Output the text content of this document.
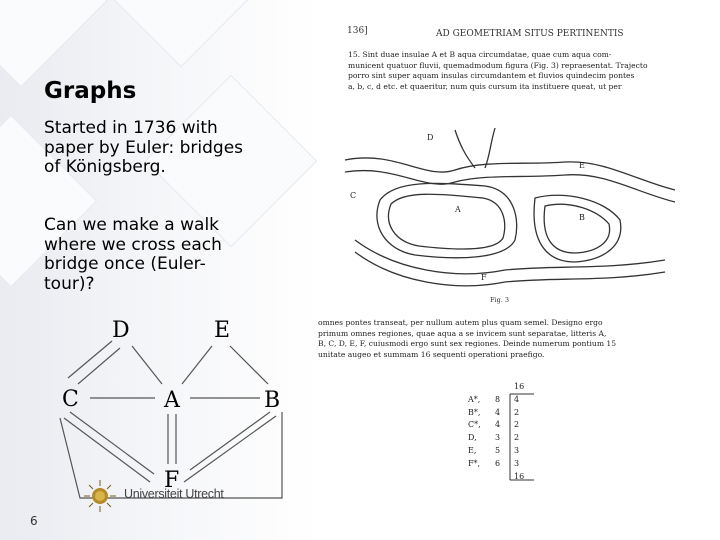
Graphs
Started in 1736 with
paper by Euler: bridges
of Königsberg.
Can we make a walk
where we cross each
bridge once (Euler-
tour)?
D	E
C	A	B
F
Universiteit Utrecht
6
136]	AD GEOMETRIAM SITUS PERTINENTIS
15. Sint duae insulae A et B aqua circumdatae, quae cum aqua com-
municent quatuor fluvii, quemadmodum figura (Fig. 3) repraesentat. Trajecto
porro sint super aquam insulas circumdantem et fluvios quindecim pontes
a, b, c, d etc. et quaeritur, num quis cursum ita instituere queat, ut per
D
C
A
E
B
F
Fig. 3
omnes pontes transeat, per nullum autem plus quam semel. Designo ergo
primum omnes regiones, quae aqua a se invicem sunt separatae, litteris A,
B, C, D, E, F, cuiusmodi ergo sunt sex regiones. Deinde numerum pontium 15
unitate augeo et summam 16 sequenti operationi praefigo.
16
A*, 8 4
B*, 4 2
C*, 4 2
D, 3 2
E, 5 3
F*, 6 3
16
